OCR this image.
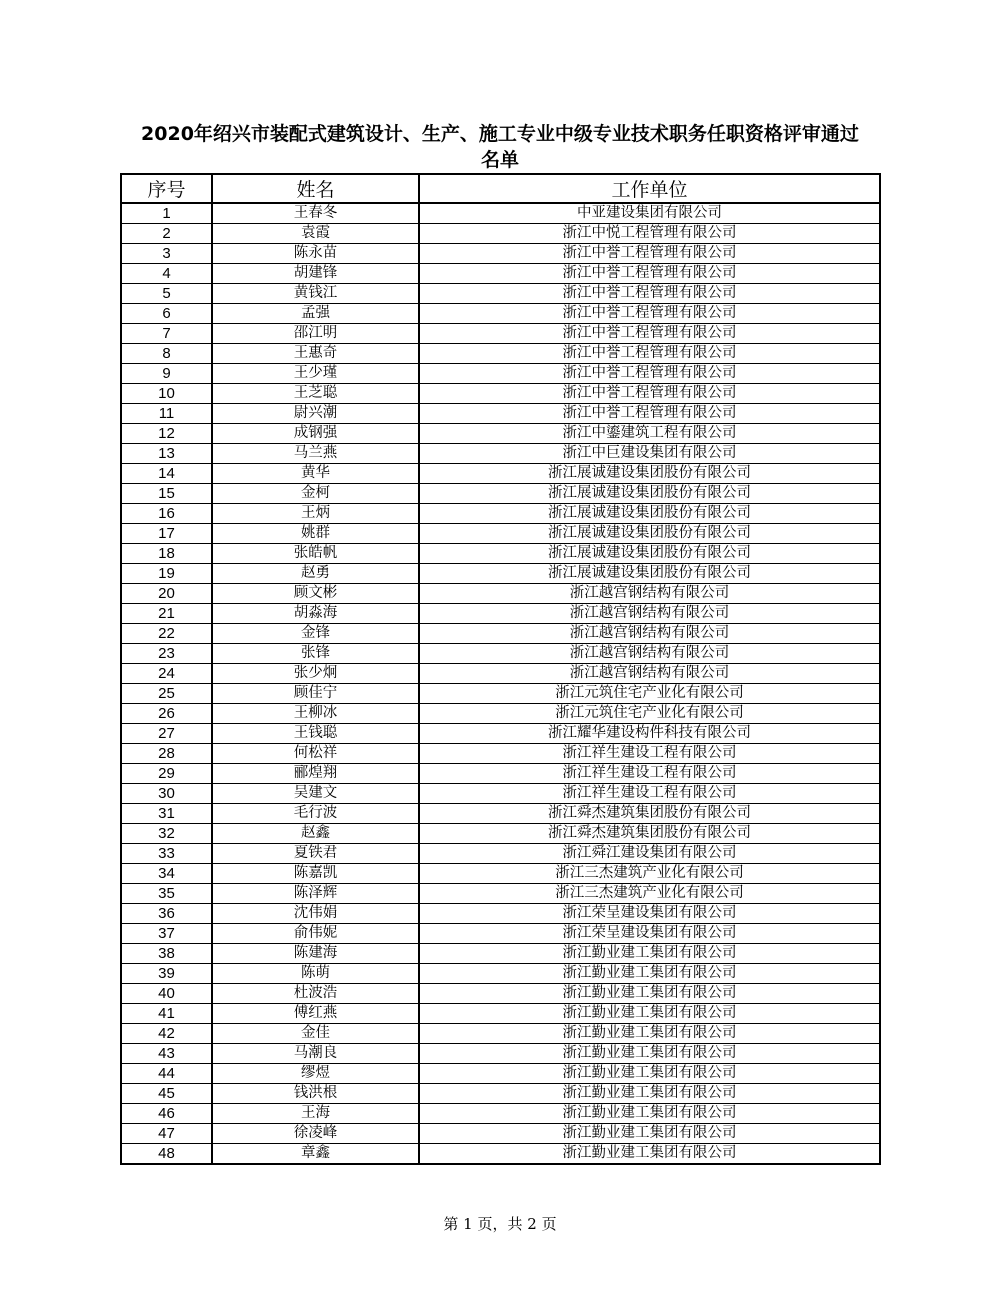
2020年绍兴市装配式建筑设计、生产、施工专业中级专业技术职务任职资格评审通过
名单
序号	姓名	工作单位
1	王春冬	中亚建设集团有限公司
2	袁霞	浙江中悦工程管理有限公司
3	陈永苗	浙江中誉工程管理有限公司
4	胡建锋	浙江中誉工程管理有限公司
5	黄钱江	浙江中誉工程管理有限公司
6	孟强	浙江中誉工程管理有限公司
7	邵江明	浙江中誉工程管理有限公司
8	王惠奇	浙江中誉工程管理有限公司
9	王少瑾	浙江中誉工程管理有限公司
10	王芝聪	浙江中誉工程管理有限公司
11	尉兴潮	浙江中誉工程管理有限公司
12	成钢强	浙江中鎏建筑工程有限公司
13	马兰燕	浙江中巨建设集团有限公司
14	黄华	浙江展诚建设集团股份有限公司
15	金柯	浙江展诚建设集团股份有限公司
16	王炳	浙江展诚建设集团股份有限公司
17	姚群	浙江展诚建设集团股份有限公司
18	张皓帆	浙江展诚建设集团股份有限公司
19	赵勇	浙江展诚建设集团股份有限公司
20	顾文彬	浙江越宫钢结构有限公司
21	胡淼海	浙江越宫钢结构有限公司
22	金锋	浙江越宫钢结构有限公司
23	张锋	浙江越宫钢结构有限公司
24	张少炯	浙江越宫钢结构有限公司
25	顾佳宁	浙江元筑住宅产业化有限公司
26	王柳冰	浙江元筑住宅产业化有限公司
27	王钱聪	浙江耀华建设构件科技有限公司
28	何松祥	浙江祥生建设工程有限公司
29	郦煌翔	浙江祥生建设工程有限公司
30	吴建文	浙江祥生建设工程有限公司
31	毛行波	浙江舜杰建筑集团股份有限公司
32	赵鑫	浙江舜杰建筑集团股份有限公司
33	夏铁君	浙江舜江建设集团有限公司
34	陈嘉凯	浙江三杰建筑产业化有限公司
35	陈泽辉	浙江三杰建筑产业化有限公司
36	沈伟娟	浙江荣呈建设集团有限公司
37	俞伟妮	浙江荣呈建设集团有限公司
38	陈建海	浙江勤业建工集团有限公司
39	陈萌	浙江勤业建工集团有限公司
40	杜波浩	浙江勤业建工集团有限公司
41	傅红燕	浙江勤业建工集团有限公司
42	金佳	浙江勤业建工集团有限公司
43	马潮良	浙江勤业建工集团有限公司
44	缪煜	浙江勤业建工集团有限公司
45	钱洪根	浙江勤业建工集团有限公司
46	王海	浙江勤业建工集团有限公司
47	徐凌峰	浙江勤业建工集团有限公司
48	章鑫	浙江勤业建工集团有限公司
第 1 页，共 2 页
